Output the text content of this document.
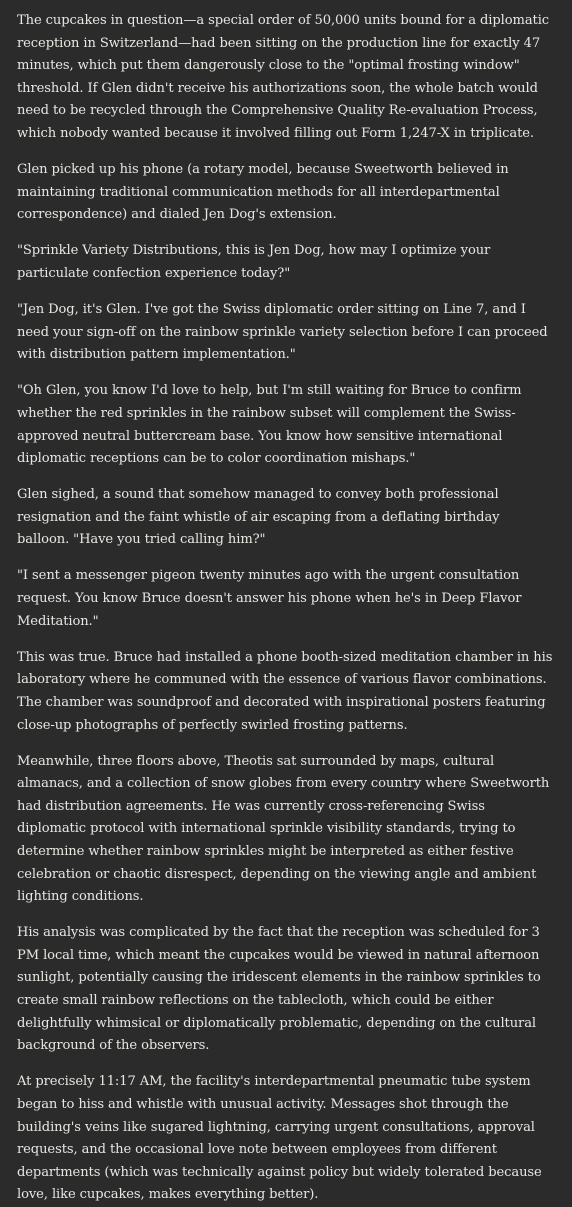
The cupcakes in question—a special order of 50,000 units bound for a diplomatic reception in Switzerland—had been sitting on the production line for exactly 47 minutes, which put them dangerously close to the "optimal frosting window" threshold. If Glen didn't receive his authorizations soon, the whole batch would need to be recycled through the Comprehensive Quality Re-evaluation Process, which nobody wanted because it involved filling out Form 1,247-X in triplicate.

Glen picked up his phone (a rotary model, because Sweetworth believed in maintaining traditional communication methods for all interdepartmental correspondence) and dialed Jen Dog's extension.

"Sprinkle Variety Distributions, this is Jen Dog, how may I optimize your particulate confection experience today?"

"Jen Dog, it's Glen. I've got the Swiss diplomatic order sitting on Line 7, and I need your sign-off on the rainbow sprinkle variety selection before I can proceed with distribution pattern implementation."

"Oh Glen, you know I'd love to help, but I'm still waiting for Bruce to confirm whether the red sprinkles in the rainbow subset will complement the Swiss-approved neutral buttercream base. You know how sensitive international diplomatic receptions can be to color coordination mishaps."

Glen sighed, a sound that somehow managed to convey both professional resignation and the faint whistle of air escaping from a deflating birthday balloon. "Have you tried calling him?"

"I sent a messenger pigeon twenty minutes ago with the urgent consultation request. You know Bruce doesn't answer his phone when he's in Deep Flavor Meditation."

This was true. Bruce had installed a phone booth-sized meditation chamber in his laboratory where he communed with the essence of various flavor combinations. The chamber was soundproof and decorated with inspirational posters featuring close-up photographs of perfectly swirled frosting patterns.

Meanwhile, three floors above, Theotis sat surrounded by maps, cultural almanacs, and a collection of snow globes from every country where Sweetworth had distribution agreements. He was currently cross-referencing Swiss diplomatic protocol with international sprinkle visibility standards, trying to determine whether rainbow sprinkles might be interpreted as either festive celebration or chaotic disrespect, depending on the viewing angle and ambient lighting conditions.

His analysis was complicated by the fact that the reception was scheduled for 3 PM local time, which meant the cupcakes would be viewed in natural afternoon sunlight, potentially causing the iridescent elements in the rainbow sprinkles to create small rainbow reflections on the tablecloth, which could be either delightfully whimsical or diplomatically problematic, depending on the cultural background of the observers.

At precisely 11:17 AM, the facility's interdepartmental pneumatic tube system began to hiss and whistle with unusual activity. Messages shot through the building's veins like sugared lightning, carrying urgent consultations, approval requests, and the occasional love note between employees from different departments (which was technically against policy but widely tolerated because love, like cupcakes, makes everything better).
